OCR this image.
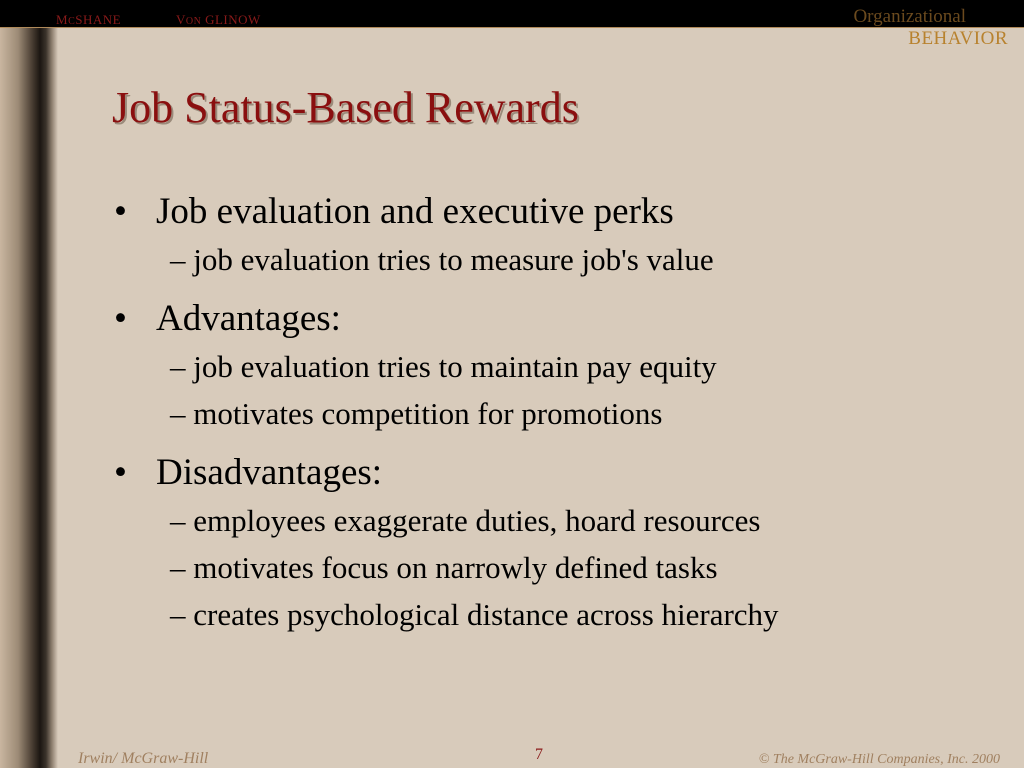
MCSHANE	VON GLINOW	Organizational
BEHAVIOR
Job Status-Based Rewards
• Job evaluation and executive perks
– job evaluation tries to measure job's value
• Advantages:
– job evaluation tries to maintain pay equity
– motivates competition for promotions
• Disadvantages:
– employees exaggerate duties, hoard resources
– motivates focus on narrowly defined tasks
– creates psychological distance across hierarchy
Irwin/ McGraw-Hill	7	© The McGraw-Hill Companies, Inc. 2000
